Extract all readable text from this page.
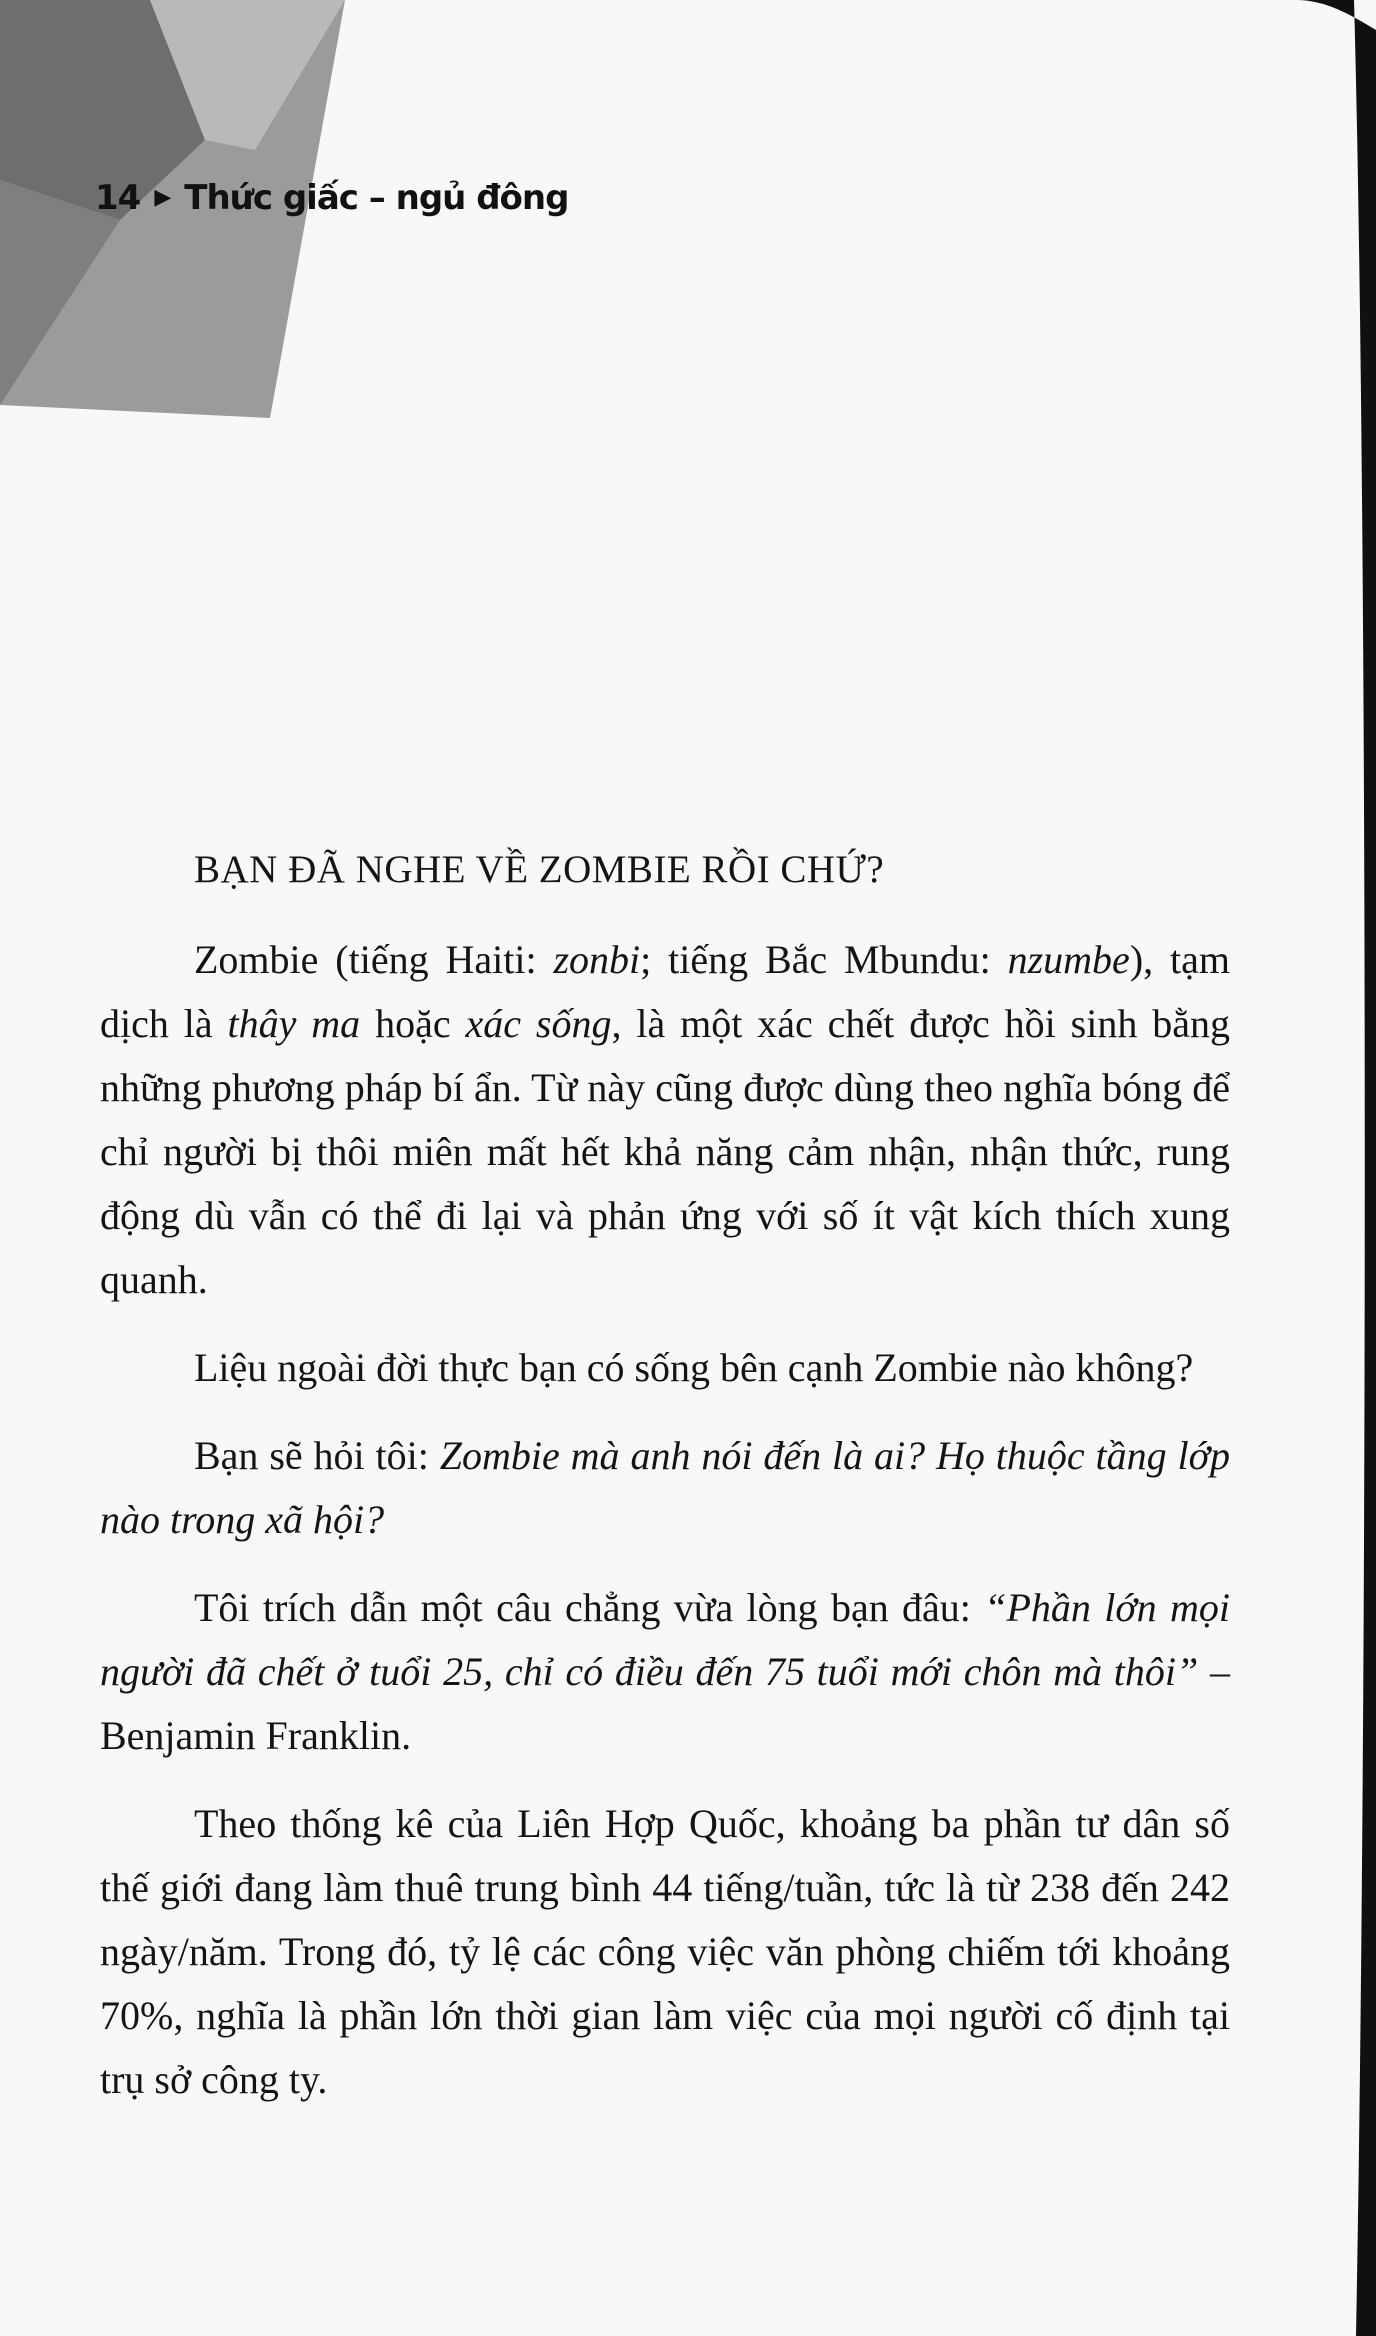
14 ▶ Thức giấc – ngủ đông
BẠN ĐÃ NGHE VỀ ZOMBIE RỒI CHỨ?

Zombie (tiếng Haiti: zonbi; tiếng Bắc Mbundu: nzumbe), tạm dịch là thây ma hoặc xác sống, là một xác chết được hồi sinh bằng những phương pháp bí ẩn. Từ này cũng được dùng theo nghĩa bóng để chỉ người bị thôi miên mất hết khả năng cảm nhận, nhận thức, rung động dù vẫn có thể đi lại và phản ứng với số ít vật kích thích xung quanh.

Liệu ngoài đời thực bạn có sống bên cạnh Zombie nào không?

Bạn sẽ hỏi tôi: Zombie mà anh nói đến là ai? Họ thuộc tầng lớp nào trong xã hội?

Tôi trích dẫn một câu chẳng vừa lòng bạn đâu: “Phần lớn mọi người đã chết ở tuổi 25, chỉ có điều đến 75 tuổi mới chôn mà thôi” – Benjamin Franklin.

Theo thống kê của Liên Hợp Quốc, khoảng ba phần tư dân số thế giới đang làm thuê trung bình 44 tiếng/tuần, tức là từ 238 đến 242 ngày/năm. Trong đó, tỷ lệ các công việc văn phòng chiếm tới khoảng 70%, nghĩa là phần lớn thời gian làm việc của mọi người cố định tại trụ sở công ty.
